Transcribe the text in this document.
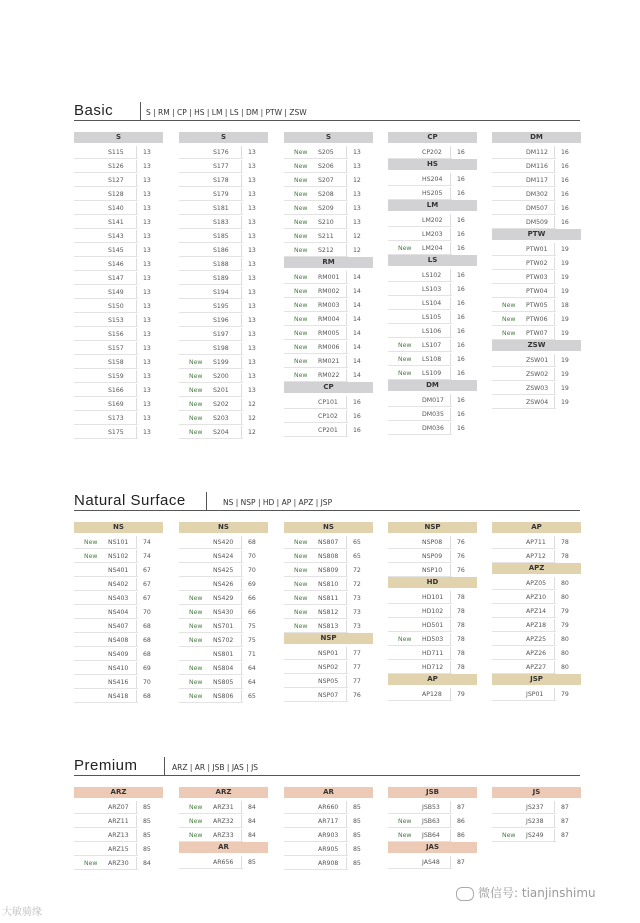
Basic	S | RM | CP | HS | LM | LS | DM | PTW | ZSW
S
S115	13
S126	13
S127	13
S128	13
S140	13
S141	13
S143	13
S145	13
S146	13
S147	13
S149	13
S150	13
S153	13
S156	13
S157	13
S158	13
S159	13
S166	13
S169	13
S173	13
S175	13
S
S176	13
S177	13
S178	13
S179	13
S181	13
S183	13
S185	13
S186	13
S188	13
S189	13
S194	13
S195	13
S196	13
S197	13
S198	13
New S199	13
New S200	13
New S201	13
New S202	12
New S203	12
New S204	12
S
New S205	13
New S206	13
New S207	12
New S208	13
New S209	13
New S210	13
New S211	12
New S212	12
RM
New RM001 14
New RM002 14
New RM003 14
New RM004 14
New RM005 14
New RM006 14
New RM021 14
New RM022 14
CP
CP101 16
CP102 16
CP201 16
CP
CP202 16
HS
HS204 16
HS205 16
LM
LM202 16
LM203 16
New LM204 16
LS
LS102	16
LS103	16
LS104	16
LS105	16
LS106	16
New LS107	16
New LS108	16
New LS109	16
DM
DM017 16
DM035 16
DM036 16
DM
DM112 16
DM116 16
DM117 16
DM302 16
DM507 16
DM509 16
PTW
PTW01 19
PTW02 19
PTW03 19
PTW04 19
New PTW05 18
New PTW06 19
New PTW07 19
ZSW
ZSW01 19
ZSW02 19
ZSW03 19
ZSW04 19
Natural Surface	NS | NSP | HD | AP | APZ | JSP
NS
New NS101 74
New NS102 74
NS401 67
NS402 67
NS403 67
NS404 70
NS407 68
NS408 68
NS409 68
NS410 69
NS416 70
NS418 68
NS
NS420 68
NS424 70
NS425 70
NS426 69
New NS429 66
New NS430 66
New NS701 75
New NS702 75
NS801 71
New NS804 64
New NS805 64
New NS806 65
NS
New NS807 65
New NS808 65
New NS809 72
New NS810 72
New NS811 73
New NS812 73
New NS813 73
NSP
NSP01 77
NSP02 77
NSP05 77
NSP07 76
NSP
NSP08 76
NSP09 76
NSP10 76
HD
HD101 78
HD102 78
HD501 78
New HD503 78
HD711 78
HD712 78
AP
AP128 79
AP
AP711 78
AP712 78
APZ
APZ05 80
APZ10 80
APZ14 79
APZ18 79
APZ25 80
APZ26 80
APZ27 80
JSP
JSP01	79
Premium	ARZ | AR | JSB | JAS | JS
ARZ
ARZ07 85
ARZ11 85
ARZ13 85
ARZ15 85
New ARZ30 84
ARZ
New ARZ31 84
New ARZ32 84
New ARZ33 84
AR
AR656 85
AR
AR660 85
AR717 85
AR903 85
AR905 85
AR908 85
JSB
JSB53	87
New JSB63	86
New JSB64	86
JAS
JAS48	87
JS
JS237	87
JS238	87
New JS249	87
大敏骑缘
微信号: tianjinshimu
